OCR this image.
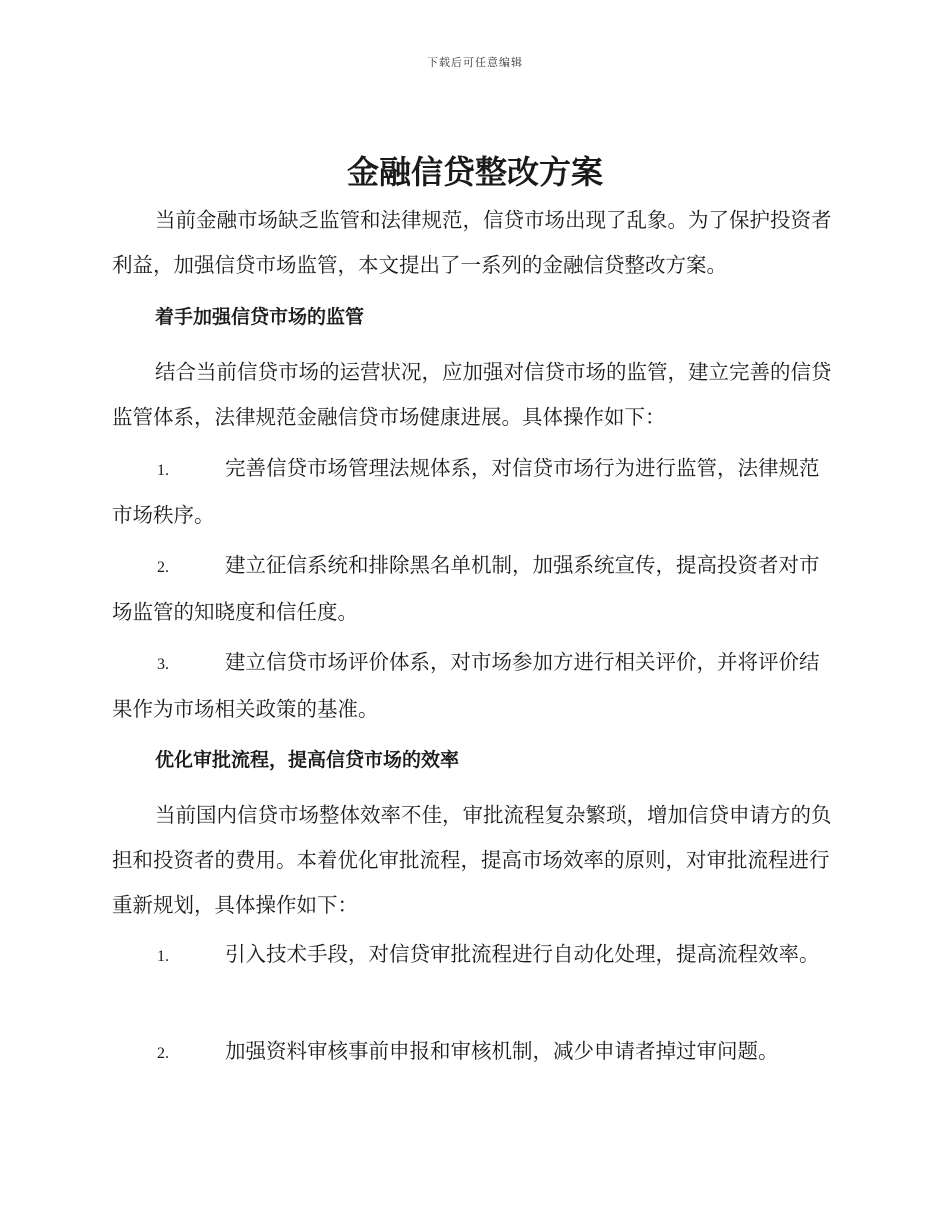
下载后可任意编辑
金融信贷整改方案

当前金融市场缺乏监管和法律规范，信贷市场出现了乱象。为了保护投资者利益，加强信贷市场监管，本文提出了一系列的金融信贷整改方案。

着手加强信贷市场的监管

结合当前信贷市场的运营状况，应加强对信贷市场的监管，建立完善的信贷监管体系，法律规范金融信贷市场健康进展。具体操作如下：

1.	完善信贷市场管理法规体系，对信贷市场行为进行监管，法律规范市场秩序。
2.	建立征信系统和排除黑名单机制，加强系统宣传，提高投资者对市场监管的知晓度和信任度。
3.	建立信贷市场评价体系，对市场参加方进行相关评价，并将评价结果作为市场相关政策的基准。
优化审批流程，提高信贷市场的效率

当前国内信贷市场整体效率不佳，审批流程复杂繁琐，增加信贷申请方的负担和投资者的费用。本着优化审批流程，提高市场效率的原则，对审批流程进行重新规划，具体操作如下：

1.	引入技术手段，对信贷审批流程进行自动化处理，提高流程效率。
2.	加强资料审核事前申报和审核机制，减少申请者掉过审问题。
